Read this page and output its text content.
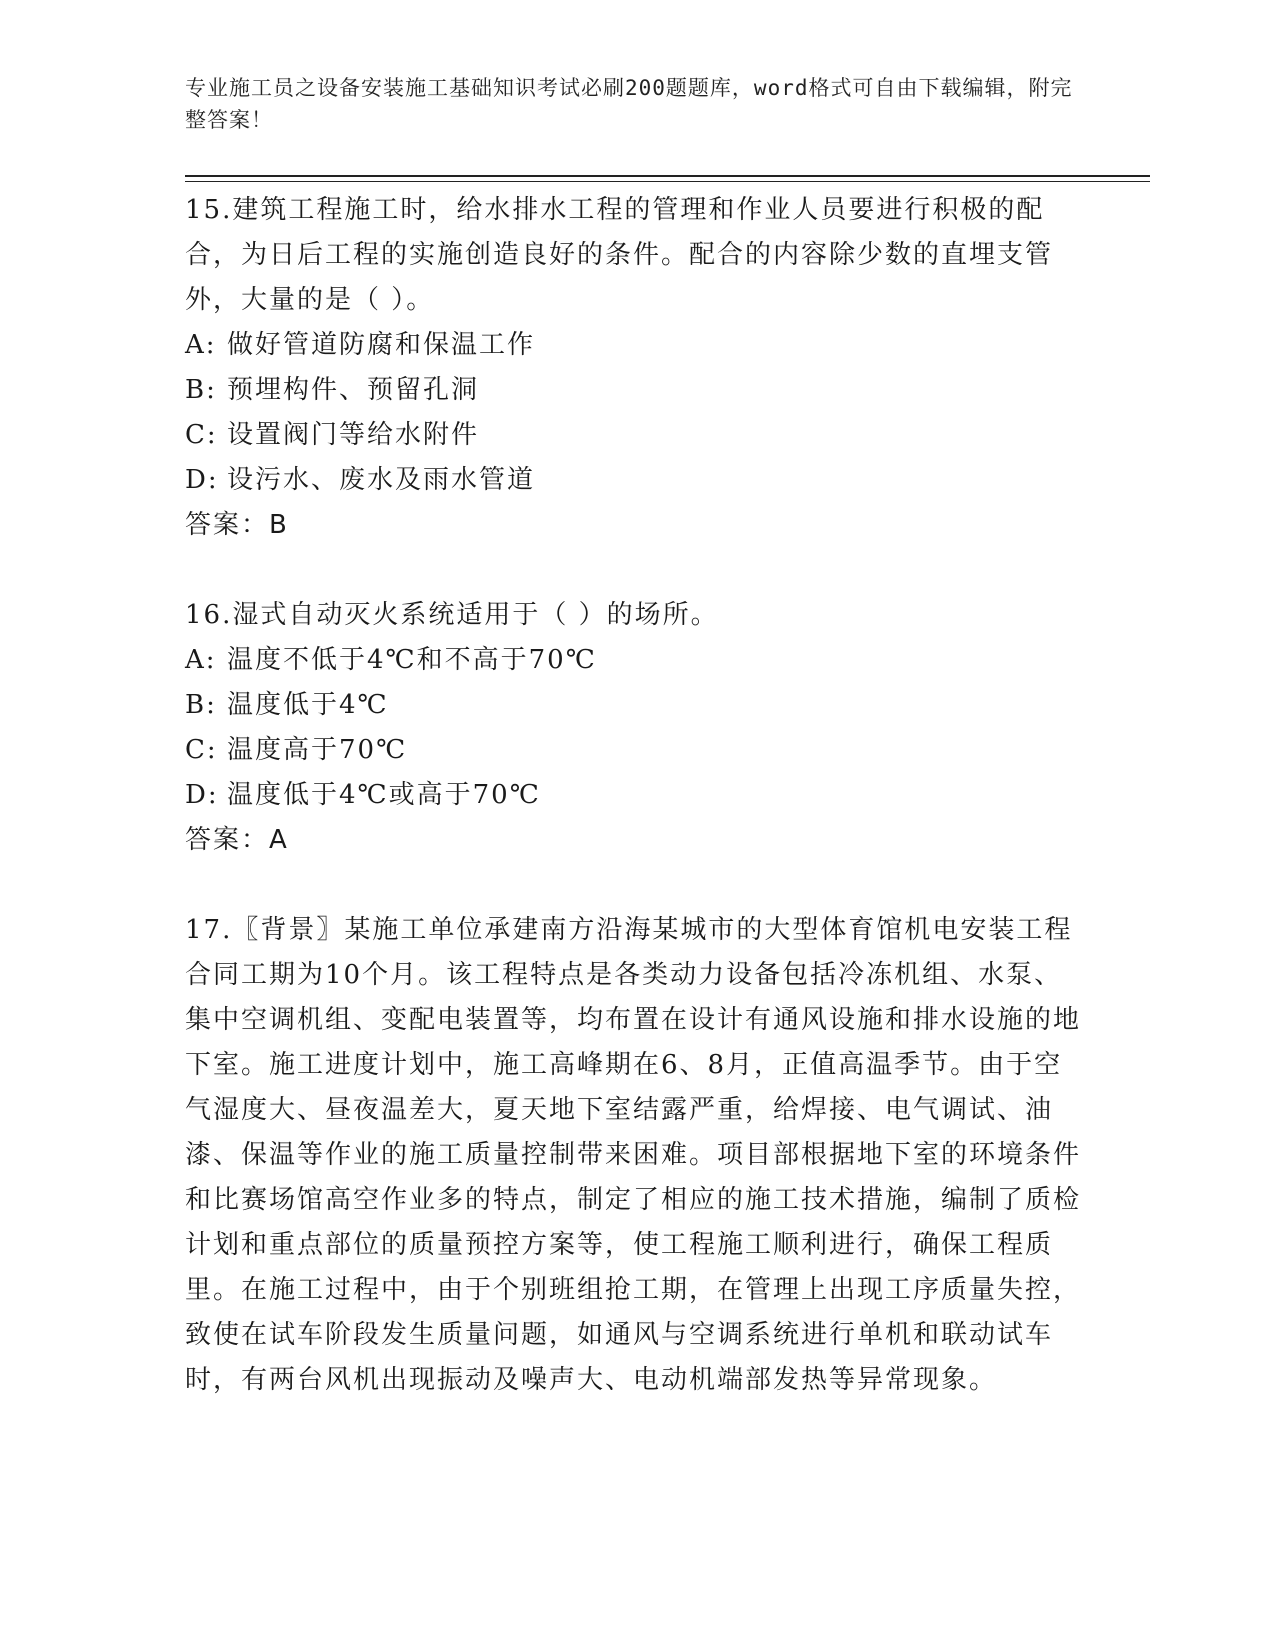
专业施工员之设备安装施工基础知识考试必刷200题题库，word格式可自由下载编辑，附完整答案！

15.建筑工程施工时，给水排水工程的管理和作业人员要进行积极的配合，为日后工程的实施创造良好的条件。配合的内容除少数的直埋支管外，大量的是（ ）。

A: 做好管道防腐和保温工作

B: 预埋构件、预留孔洞

C: 设置阀门等给水附件

D: 设污水、废水及雨水管道

答案：B

16.湿式自动灭火系统适用于（ ）的场所。

A: 温度不低于4℃和不高于70℃

B: 温度低于4℃

C: 温度高于70℃

D: 温度低于4℃或高于70℃

答案：A

17.〖背景〗某施工单位承建南方沿海某城市的大型体育馆机电安装工程合同工期为10个月。该工程特点是各类动力设备包括冷冻机组、水泵、集中空调机组、变配电装置等，均布置在设计有通风设施和排水设施的地下室。施工进度计划中，施工高峰期在6、8月，正值高温季节。由于空气湿度大、昼夜温差大，夏天地下室结露严重，给焊接、电气调试、油漆、保温等作业的施工质量控制带来困难。项目部根据地下室的环境条件和比赛场馆高空作业多的特点，制定了相应的施工技术措施，编制了质检计划和重点部位的质量预控方案等，使工程施工顺利进行，确保工程质里。在施工过程中，由于个别班组抢工期，在管理上出现工序质量失控，致使在试车阶段发生质量问题，如通风与空调系统进行单机和联动试车时，有两台风机出现振动及噪声大、电动机端部发热等异常现象。
